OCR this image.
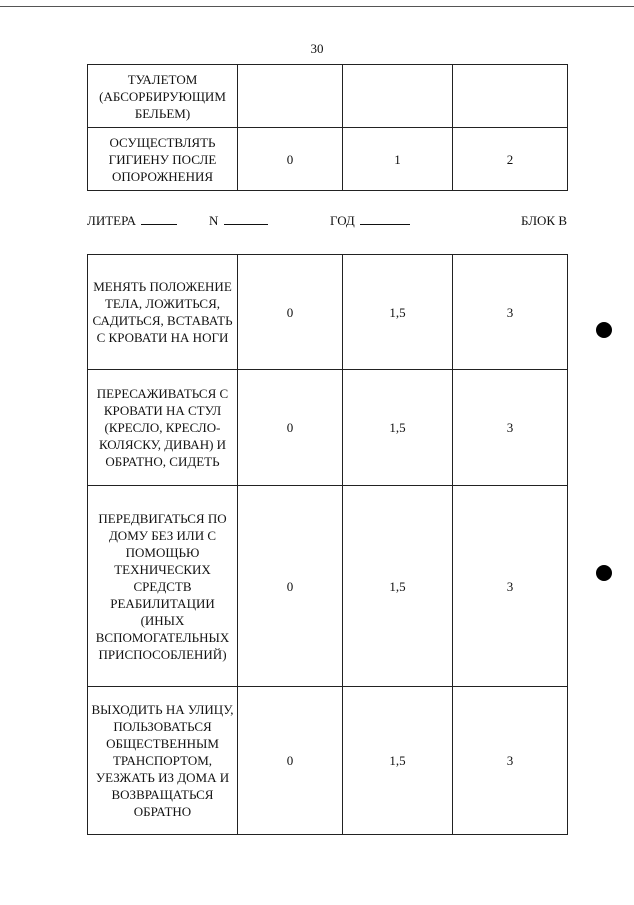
30
ТУАЛЕТОМ (АБСОРБИРУЮЩИМ БЕЛЬЕМ)			
ОСУЩЕСТВЛЯТЬ ГИГИЕНУ ПОСЛЕ ОПОРОЖНЕНИЯ	0	1	2
ЛИТЕРА	N	ГОД	БЛОК В
МЕНЯТЬ ПОЛОЖЕНИЕ ТЕЛА, ЛОЖИТЬСЯ, САДИТЬСЯ, ВСТАВАТЬ С КРОВАТИ НА НОГИ	0	1,5	3
ПЕРЕСАЖИВАТЬСЯ С КРОВАТИ НА СТУЛ (КРЕСЛО, КРЕСЛО-КОЛЯСКУ, ДИВАН) И ОБРАТНО, СИДЕТЬ	0	1,5	3
ПЕРЕДВИГАТЬСЯ ПО ДОМУ БЕЗ ИЛИ С ПОМОЩЬЮ ТЕХНИЧЕСКИХ СРЕДСТВ РЕАБИЛИТАЦИИ (ИНЫХ ВСПОМОГАТЕЛЬНЫХ ПРИСПОСОБЛЕНИЙ)	0	1,5	3
ВЫХОДИТЬ НА УЛИЦУ, ПОЛЬЗОВАТЬСЯ ОБЩЕСТВЕННЫМ ТРАНСПОРТОМ, УЕЗЖАТЬ ИЗ ДОМА И ВОЗВРАЩАТЬСЯ ОБРАТНО	0	1,5	3
